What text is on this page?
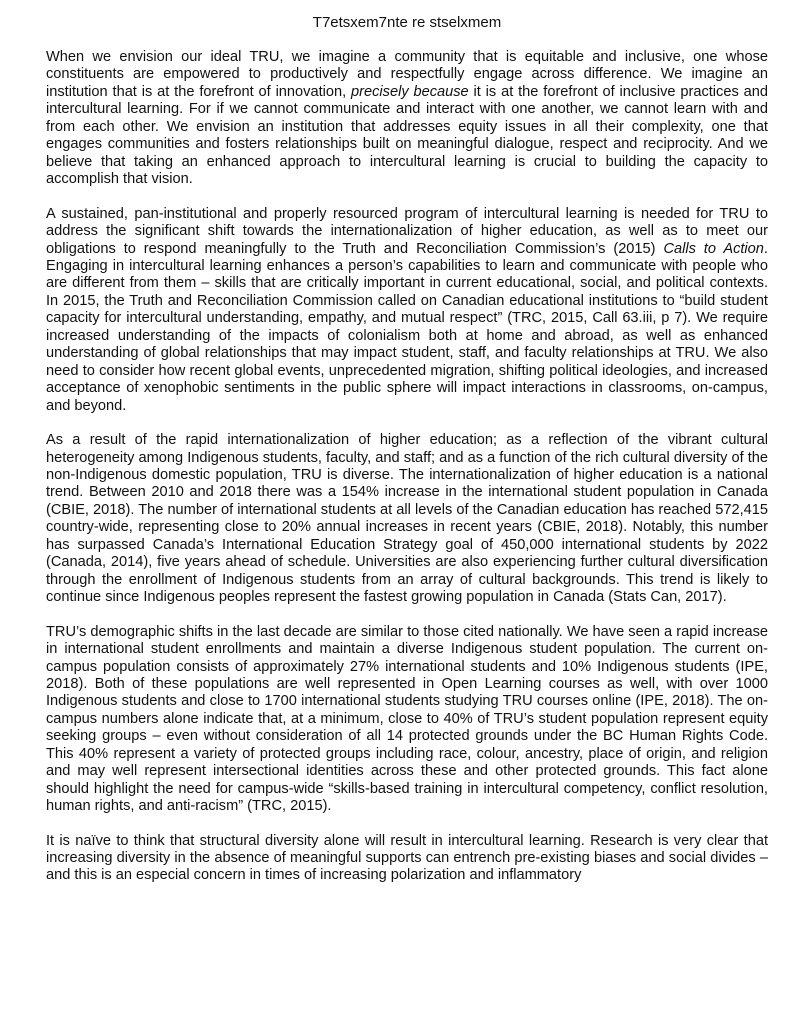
T7etsxem7nte re stselxmem

When we envision our ideal TRU, we imagine a community that is equitable and inclusive, one whose constituents are empowered to productively and respectfully engage across difference. We imagine an institution that is at the forefront of innovation, precisely because it is at the forefront of inclusive practices and intercultural learning. For if we cannot communicate and interact with one another, we cannot learn with and from each other. We envision an institution that addresses equity issues in all their complexity, one that engages communities and fosters relationships built on meaningful dialogue, respect and reciprocity. And we believe that taking an enhanced approach to intercultural learning is crucial to building the capacity to accomplish that vision.

A sustained, pan-institutional and properly resourced program of intercultural learning is needed for TRU to address the significant shift towards the internationalization of higher education, as well as to meet our obligations to respond meaningfully to the Truth and Reconciliation Commission’s (2015) Calls to Action. Engaging in intercultural learning enhances a person’s capabilities to learn and communicate with people who are different from them – skills that are critically important in current educational, social, and political contexts. In 2015, the Truth and Reconciliation Commission called on Canadian educational institutions to “build student capacity for intercultural understanding, empathy, and mutual respect” (TRC, 2015, Call 63.iii, p 7). We require increased understanding of the impacts of colonialism both at home and abroad, as well as enhanced understanding of global relationships that may impact student, staff, and faculty relationships at TRU. We also need to consider how recent global events, unprecedented migration, shifting political ideologies, and increased acceptance of xenophobic sentiments in the public sphere will impact interactions in classrooms, on-campus, and beyond.

As a result of the rapid internationalization of higher education; as a reflection of the vibrant cultural heterogeneity among Indigenous students, faculty, and staff; and as a function of the rich cultural diversity of the non-Indigenous domestic population, TRU is diverse. The internationalization of higher education is a national trend. Between 2010 and 2018 there was a 154% increase in the international student population in Canada (CBIE, 2018). The number of international students at all levels of the Canadian education has reached 572,415 country-wide, representing close to 20% annual increases in recent years (CBIE, 2018). Notably, this number has surpassed Canada’s International Education Strategy goal of 450,000 international students by 2022 (Canada, 2014), five years ahead of schedule. Universities are also experiencing further cultural diversification through the enrollment of Indigenous students from an array of cultural backgrounds. This trend is likely to continue since Indigenous peoples represent the fastest growing population in Canada (Stats Can, 2017).

TRU’s demographic shifts in the last decade are similar to those cited nationally. We have seen a rapid increase in international student enrollments and maintain a diverse Indigenous student population. The current on-campus population consists of approximately 27% international students and 10% Indigenous students (IPE, 2018). Both of these populations are well represented in Open Learning courses as well, with over 1000 Indigenous students and close to 1700 international students studying TRU courses online (IPE, 2018). The on-campus numbers alone indicate that, at a minimum, close to 40% of TRU’s student population represent equity seeking groups – even without consideration of all 14 protected grounds under the BC Human Rights Code. This 40% represent a variety of protected groups including race, colour, ancestry, place of origin, and religion and may well represent intersectional identities across these and other protected grounds. This fact alone should highlight the need for campus-wide “skills-based training in intercultural competency, conflict resolution, human rights, and anti-racism” (TRC, 2015).

It is naïve to think that structural diversity alone will result in intercultural learning. Research is very clear that increasing diversity in the absence of meaningful supports can entrench pre-existing biases and social divides – and this is an especial concern in times of increasing polarization and inflammatory
